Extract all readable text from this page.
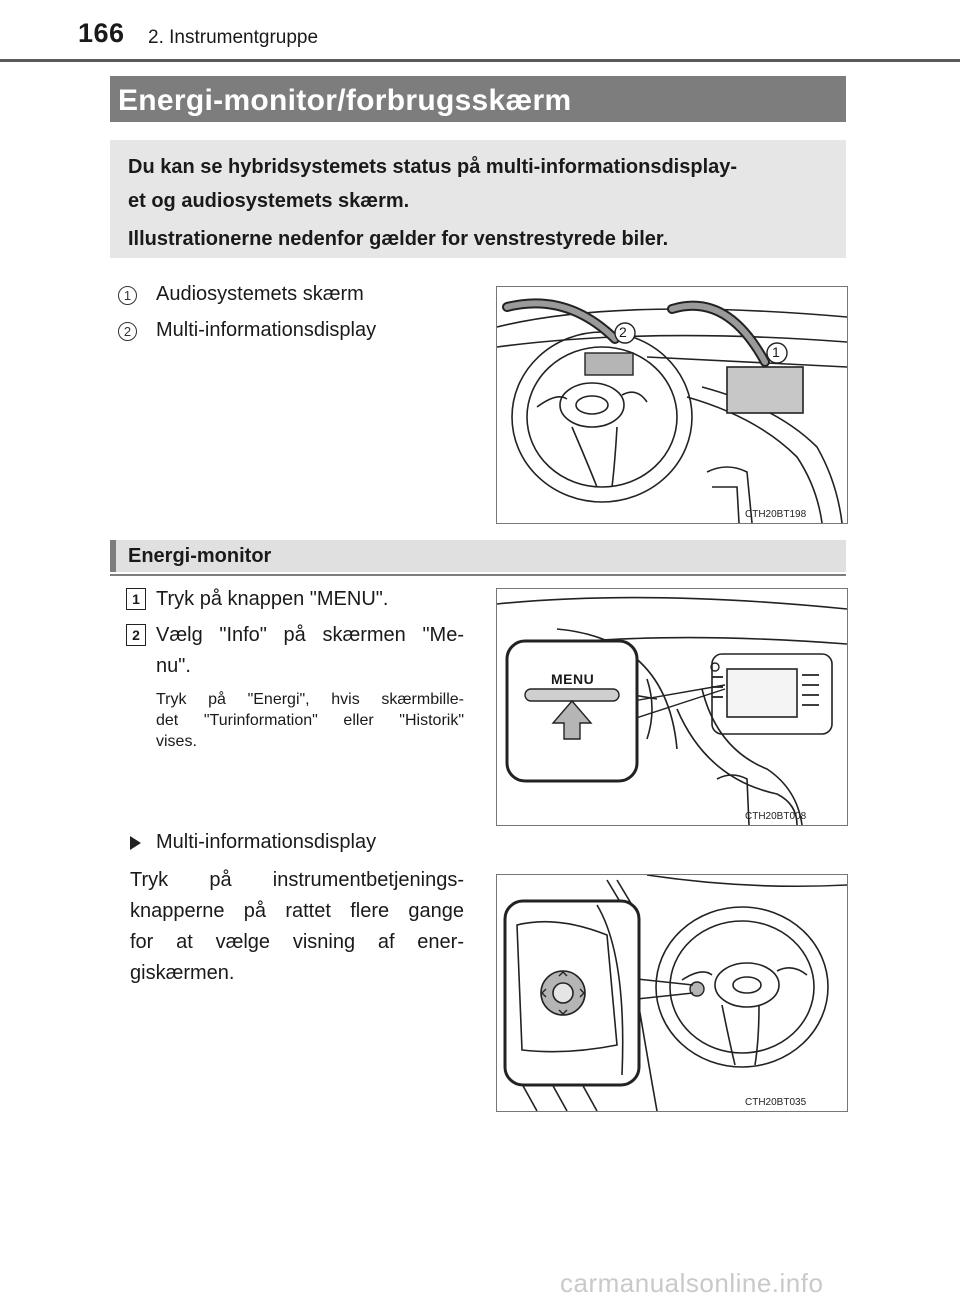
166 2. Instrumentgruppe
Energi-monitor/forbrugsskærm
Du kan se hybridsystemets status på multi-informationsdisplay-
et og audiosystemets skærm.
Illustrationerne nedenfor gælder for venstrestyrede biler.
1 Audiosystemets skærm
2 Multi-informationsdisplay	2
1
CTH20BT198
Energi-monitor
1 Tryk på knappen "MENU".
2 Vælg "Info" på skærmen "Me-
nu".
Tryk på "Energi", hvis skærmbille-
det "Turinformation" eller "Historik"
vises.
MENU
CTH20BT008
Multi-informationsdisplay
Tryk på instrumentbetjenings-
knapperne på rattet flere gange
for at vælge visning af ener-
giskærmen.
CTH20BT035
carmanualsonline.info
